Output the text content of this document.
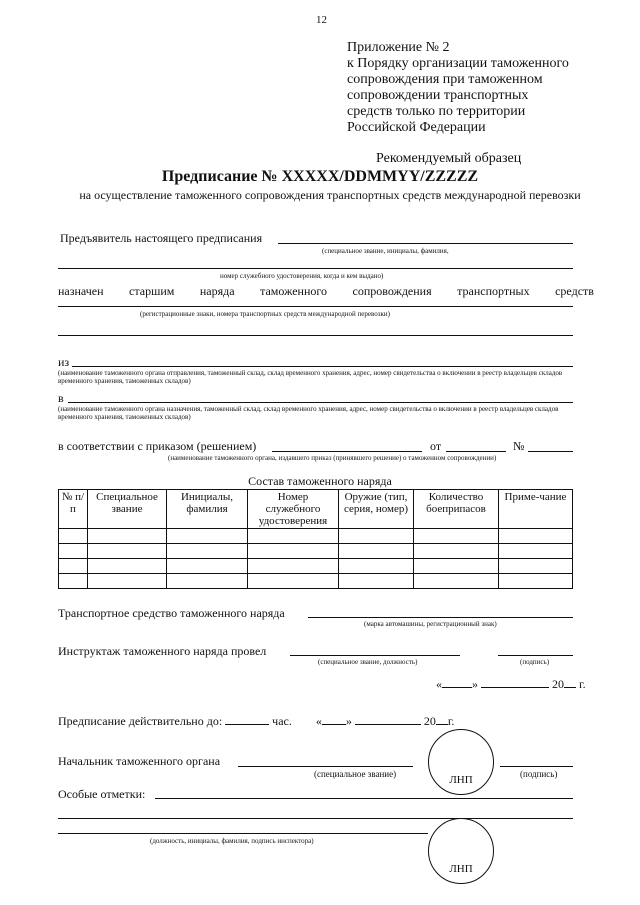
12
Приложение № 2
к Порядку организации таможенного
сопровождения при таможенном
сопровождении транспортных
средств только по территории
Российской Федерации
Рекомендуемый образец
Предписание № XXXXX/DDMMYY/ZZZZZ
на осуществление таможенного сопровождения транспортных средств международной перевозки
Предъявитель настоящего предписания
(специальное звание, инициалы, фамилия,
номер служебного удостоверения, когда и кем выдано)
назначен старшим наряда таможенного сопровождения транспортных средств
(регистрационные знаки, номера транспортных средств международной перевозки)
из
(наименование таможенного органа отправления, таможенный склад, склад временного хранения, адрес, номер свидетельства о включении в реестр владельцев складов временного хранения, таможенных складов)
в
(наименование таможенного органа назначения, таможенный склад, склад временного хранения, адрес, номер свидетельства о включении в реестр владельцев складов временного хранения, таможенных складов)
в соответствии с приказом (решением)	от	№
(наименование таможенного органа, издавшего приказ (принявшего решение) о таможенном сопровождении)
Состав таможенного наряда
№ п/п	Специальное звание	Инициалы, фамилия	Номер служебного удостоверения	Оружие (тип, серия, номер)	Количество боеприпасов	Приме-чание

Транспортное средство таможенного наряда
(марка автомашины, регистрационный знак)
Инструктаж таможенного наряда провел
(специальное звание, должность)	(подпись)
«	»	20 г.
Предписание действительно до:	час. « »	20 г.
Начальник таможенного органа
(специальное звание)	(подпись)
ЛНП
Особые отметки:
(должность, инициалы, фамилия, подпись инспектора)
ЛНП
